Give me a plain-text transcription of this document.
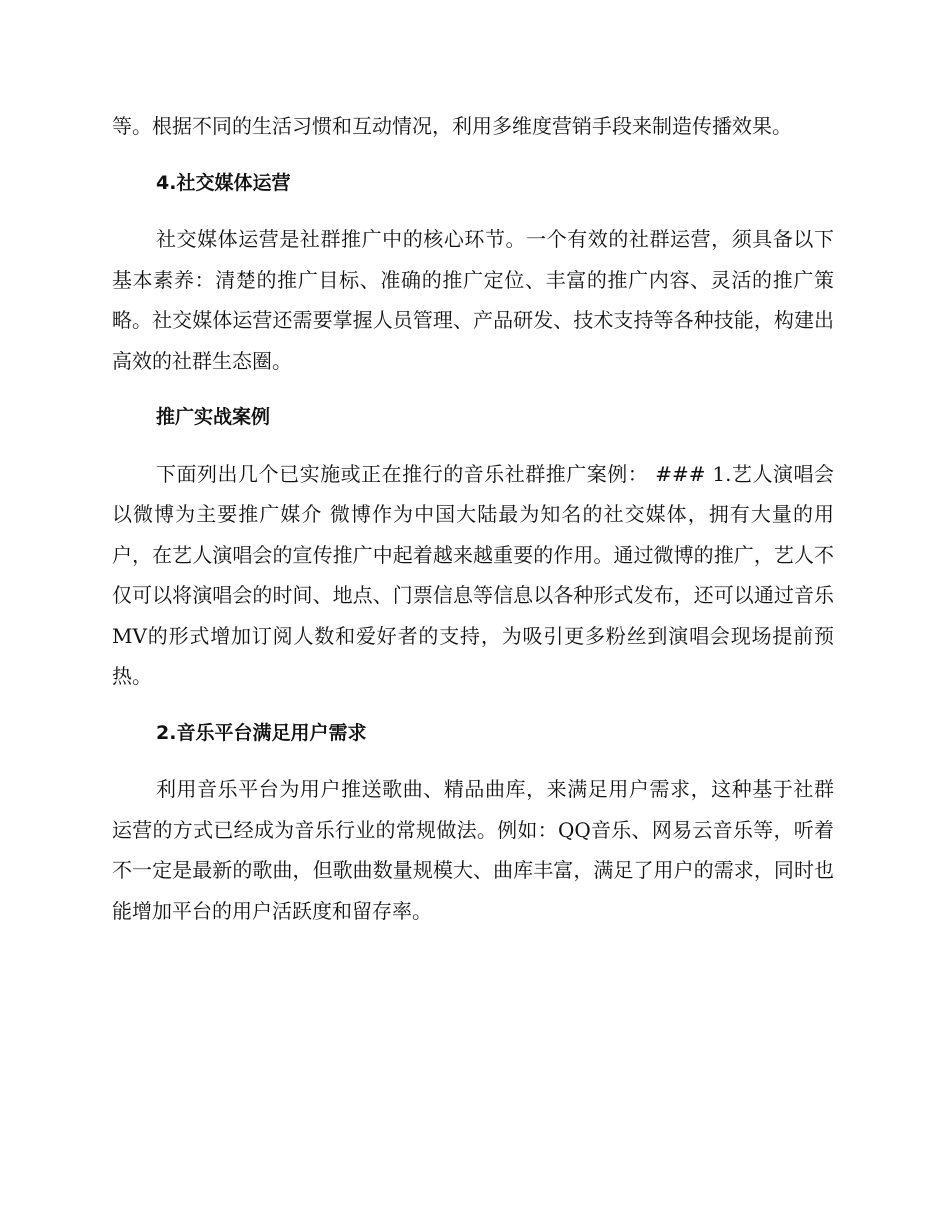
等。根据不同的生活习惯和互动情况，利用多维度营销手段来制造传播效果。

4.社交媒体运营

社交媒体运营是社群推广中的核心环节。一个有效的社群运营，须具备以下基本素养：清楚的推广目标、准确的推广定位、丰富的推广内容、灵活的推广策略。社交媒体运营还需要掌握人员管理、产品研发、技术支持等各种技能，构建出高效的社群生态圈。

推广实战案例

下面列出几个已实施或正在推行的音乐社群推广案例： ### 1.艺人演唱会以微博为主要推广媒介 微博作为中国大陆最为知名的社交媒体，拥有大量的用户，在艺人演唱会的宣传推广中起着越来越重要的作用。通过微博的推广，艺人不仅可以将演唱会的时间、地点、门票信息等信息以各种形式发布，还可以通过音乐MV的形式增加订阅人数和爱好者的支持，为吸引更多粉丝到演唱会现场提前预热。

2.音乐平台满足用户需求

利用音乐平台为用户推送歌曲、精品曲库，来满足用户需求，这种基于社群运营的方式已经成为音乐行业的常规做法。例如：QQ音乐、网易云音乐等，听着不一定是最新的歌曲，但歌曲数量规模大、曲库丰富，满足了用户的需求，同时也能增加平台的用户活跃度和留存率。
